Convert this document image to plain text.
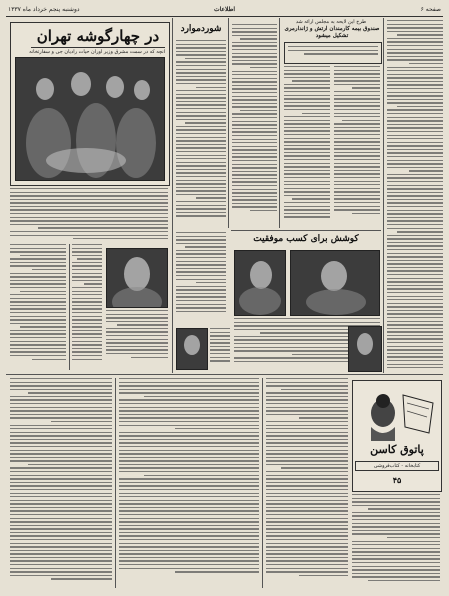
دوشنبه پنجم خرداد ماه ۱۳۳۷	اطلاعات	صفحه ۶
در چهارگوشه تهران
آنچه که در سمت مشرق وزیر اوران حیات رادیان جی و سفارتخانه
شوردموارد
طرح این لایحه به مجلس ارائه شد
صندوق بیمه کارمندان ارتش و ژاندارمری تشکیل میشود
کوشش برای کسب موفقیت
پاتوق کاسن
کتابخانه - کتاب‌فروشی
۴۵
